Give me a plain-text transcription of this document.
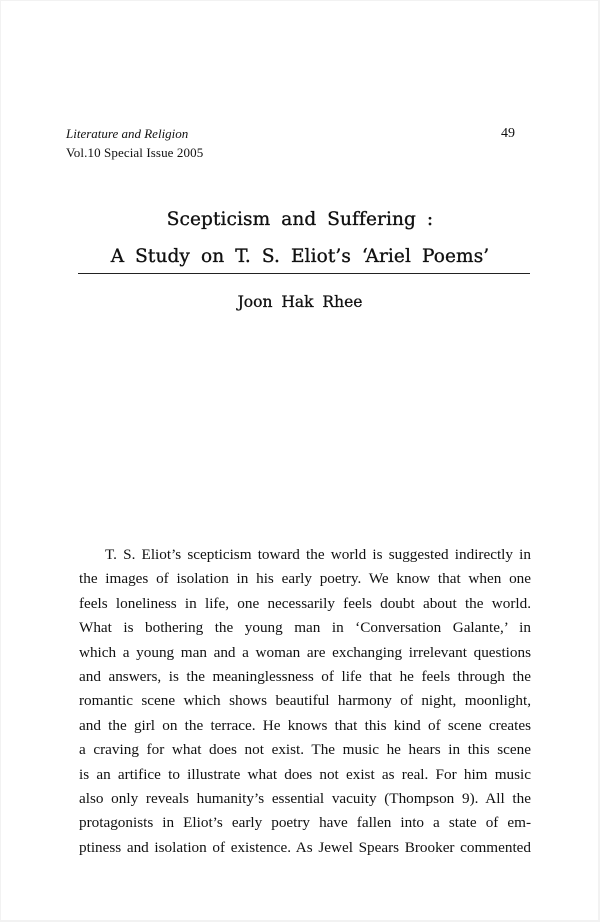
Literature and Religion
Vol.10 Special Issue 2005
49
Scepticism and Suffering :
A Study on T. S. Eliot’s ‘Ariel Poems’
Joon Hak Rhee
T. S. Eliot’s scepticism toward the world is suggested indirectly in
the images of isolation in his early poetry. We know that when one
feels loneliness in life, one necessarily feels doubt about the world.
What is bothering the young man in ‘Conversation Galante,’ in
which a young man and a woman are exchanging irrelevant questions
and answers, is the meaninglessness of life that he feels through the
romantic scene which shows beautiful harmony of night, moonlight,
and the girl on the terrace. He knows that this kind of scene creates
a craving for what does not exist. The music he hears in this scene
is an artifice to illustrate what does not exist as real. For him music
also only reveals humanity’s essential vacuity (Thompson 9). All the
protagonists in Eliot’s early poetry have fallen into a state of em-
ptiness and isolation of existence. As Jewel Spears Brooker commented
